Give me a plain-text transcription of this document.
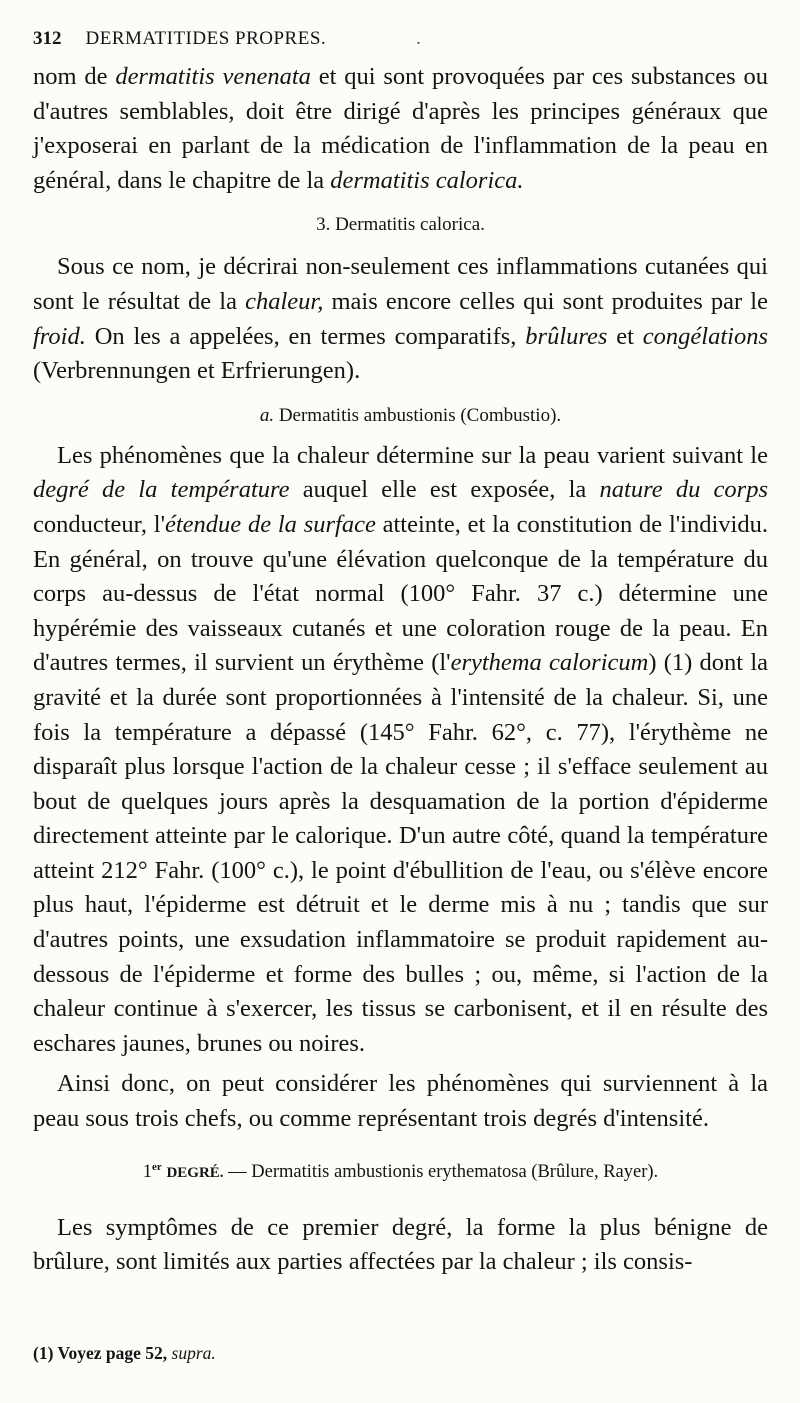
312 DERMATITIDES PROPRES.	.

nom de dermatitis venenata et qui sont provoquées par ces substances ou d'autres semblables, doit être dirigé d'après les principes généraux que j'exposerai en parlant de la médication de l'inflammation de la peau en général, dans le chapitre de la dermatitis calorica.

3. Dermatitis calorica.

Sous ce nom, je décrirai non-seulement ces inflammations cutanées qui sont le résultat de la chaleur, mais encore celles qui sont produites par le froid. On les a appelées, en termes comparatifs, brûlures et congélations (Verbrennungen et Erfrierungen).

a. Dermatitis ambustionis (Combustio).

Les phénomènes que la chaleur détermine sur la peau varient suivant le degré de la température auquel elle est exposée, la nature du corps conducteur, l'étendue de la surface atteinte, et la constitution de l'individu. En général, on trouve qu'une élévation quelconque de la température du corps au-dessus de l'état normal (100° Fahr. 37 c.) détermine une hypérémie des vaisseaux cutanés et une coloration rouge de la peau. En d'autres termes, il survient un érythème (l'erythema caloricum) (1) dont la gravité et la durée sont proportionnées à l'intensité de la chaleur. Si, une fois la température a dépassé (145° Fahr. 62°, c. 77), l'érythème ne disparaît plus lorsque l'action de la chaleur cesse ; il s'efface seulement au bout de quelques jours après la desquamation de la portion d'épiderme directement atteinte par le calorique. D'un autre côté, quand la température atteint 212° Fahr. (100° c.), le point d'ébullition de l'eau, ou s'élève encore plus haut, l'épiderme est détruit et le derme mis à nu ; tandis que sur d'autres points, une exsudation inflammatoire se produit rapidement au-dessous de l'épiderme et forme des bulles ; ou, même, si l'action de la chaleur continue à s'exercer, les tissus se carbonisent, et il en résulte des eschares jaunes, brunes ou noires.

Ainsi donc, on peut considérer les phénomènes qui surviennent à la peau sous trois chefs, ou comme représentant trois degrés d'intensité.

1er DEGRÉ. — Dermatitis ambustionis erythematosa (Brûlure, Rayer).

Les symptômes de ce premier degré, la forme la plus bénigne de brûlure, sont limités aux parties affectées par la chaleur ; ils consis-

(1) Voyez page 52, supra.
